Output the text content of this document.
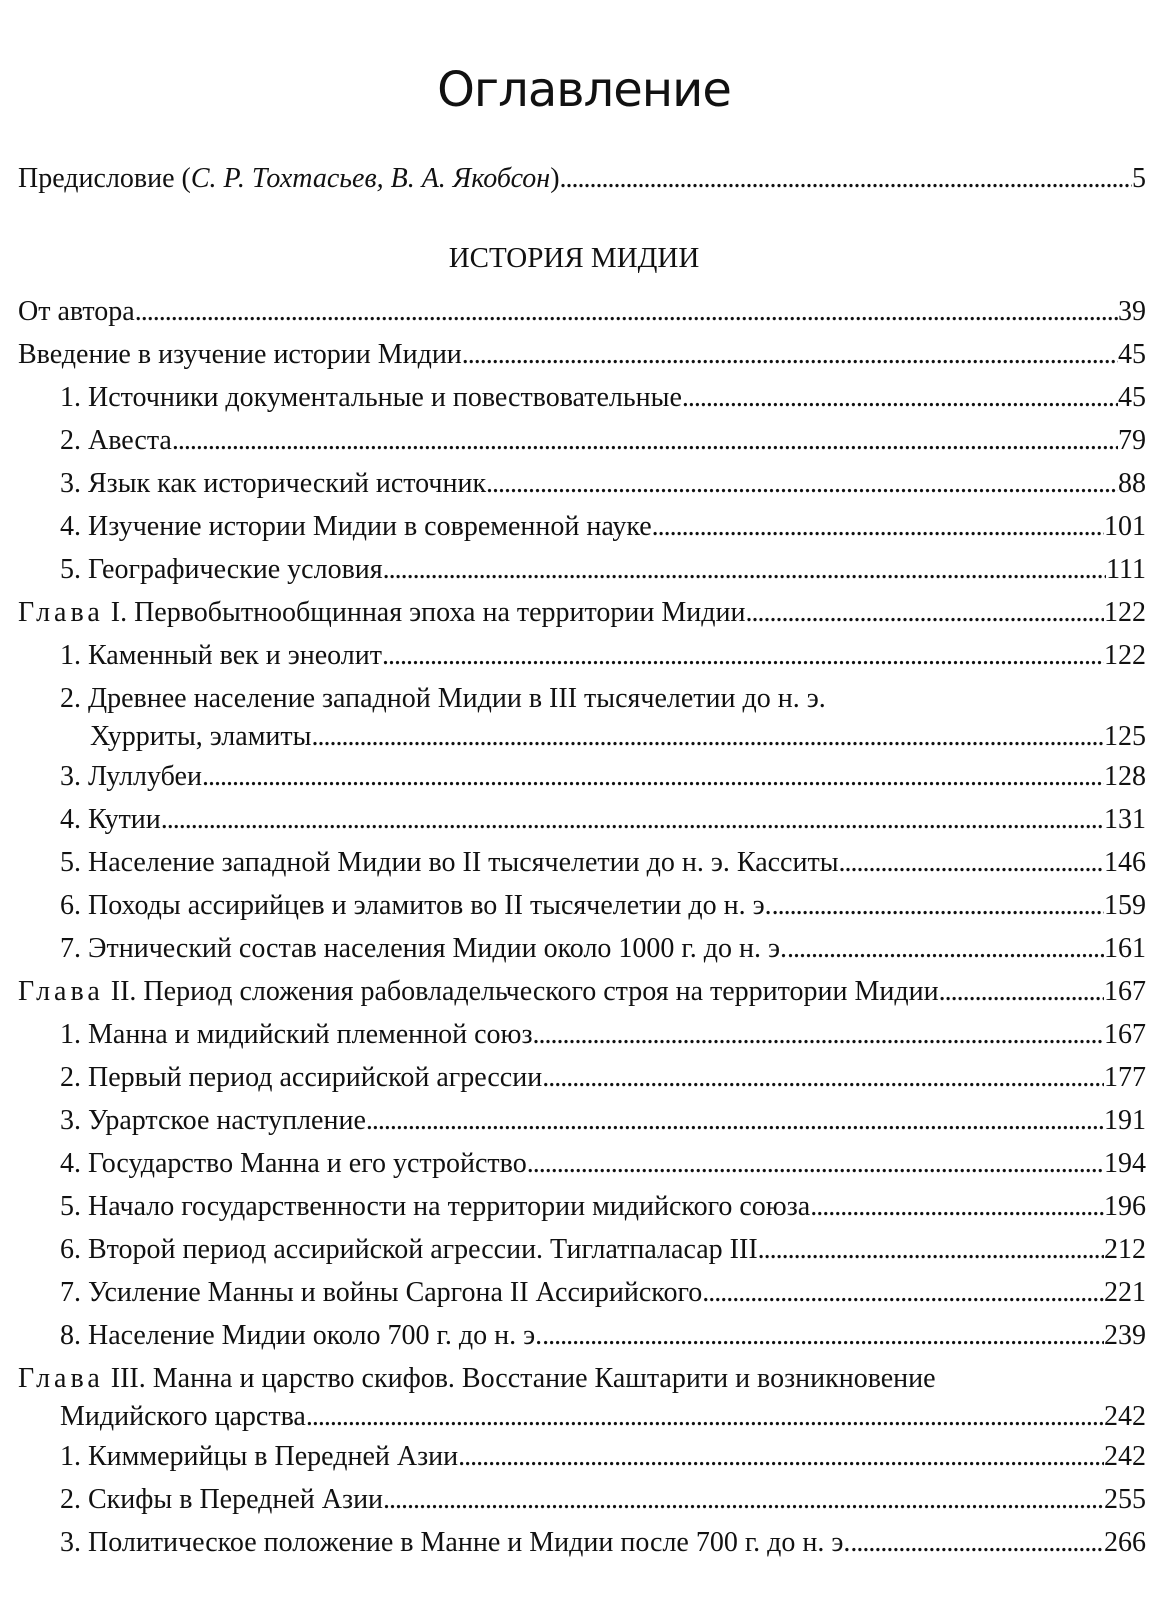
Оглавление
Предисловие (С. Р. Тохтасьев, В. А. Якобсон) . . .	5
ИСТОРИЯ МИДИИ
От автора . . .	39
Введение в изучение истории Мидии . . .	45
1. Источники документальные и повествовательные . . .	45
2. Авеста . . .	79
3. Язык как исторический источник . . .	88
4. Изучение истории Мидии в современной науке . . .	101
5. Географические условия . . .	111
Глава I. Первобытнообщинная эпоха на территории Мидии . . .	122
1. Каменный век и энеолит . . .	122
2. Древнее население западной Мидии в III тысячелетии до н. э.
Хурриты, эламиты . . .	125
3. Луллубеи . . .	128
4. Кутии . . .	131
5. Население западной Мидии во II тысячелетии до н. э. Касситы . . .	146
6. Походы ассирийцев и эламитов во II тысячелетии до н. э. . . .	159
7. Этнический состав населения Мидии около 1000 г. до н. э. . . .	161
Глава II. Период сложения рабовладельческого строя на территории Мидии . . .	167
1. Манна и мидийский племенной союз . . .	167
2. Первый период ассирийской агрессии . . .	177
3. Урартское наступление . . .	191
4. Государство Манна и его устройство . . .	194
5. Начало государственности на территории мидийского союза . . .	196
6. Второй период ассирийской агрессии. Тиглатпаласар III . . .	212
7. Усиление Манны и войны Саргона II Ассирийского . . .	221
8. Население Мидии около 700 г. до н. э. . . .	239
Глава III. Манна и царство скифов. Восстание Каштарити и возникновение
Мидийского царства . . .	242
1. Киммерийцы в Передней Азии . . .	242
2. Скифы в Передней Азии . . .	255
3. Политическое положение в Манне и Мидии после 700 г. до н. э. . . .	266
